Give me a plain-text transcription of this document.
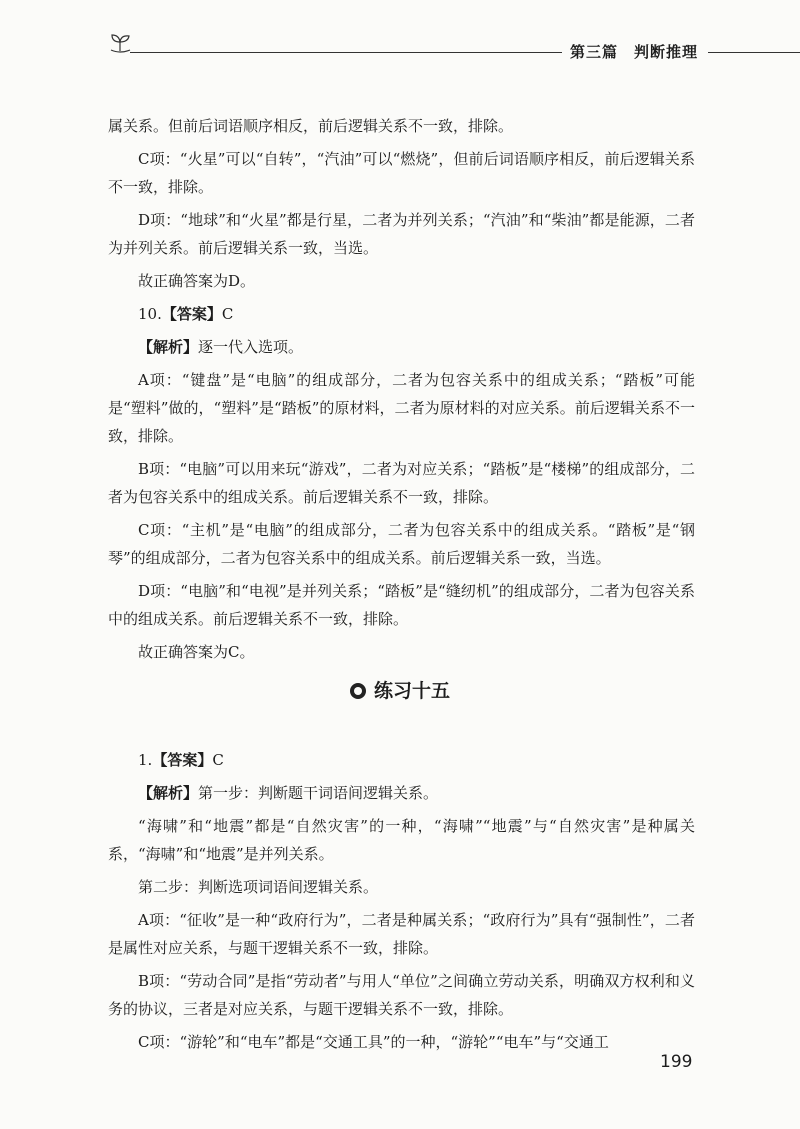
第三篇　判断推理

属关系。但前后词语顺序相反，前后逻辑关系不一致，排除。

C项：“火星”可以“自转”，“汽油”可以“燃烧”，但前后词语顺序相反，前后逻辑关系不一致，排除。

D项：“地球”和“火星”都是行星，二者为并列关系；“汽油”和“柴油”都是能源，二者为并列关系。前后逻辑关系一致，当选。

故正确答案为D。

10.【答案】C

【解析】逐一代入选项。

A项：“键盘”是“电脑”的组成部分，二者为包容关系中的组成关系；“踏板”可能是“塑料”做的，“塑料”是“踏板”的原材料，二者为原材料的对应关系。前后逻辑关系不一致，排除。

B项：“电脑”可以用来玩“游戏”，二者为对应关系；“踏板”是“楼梯”的组成部分，二者为包容关系中的组成关系。前后逻辑关系不一致，排除。

C项：“主机”是“电脑”的组成部分，二者为包容关系中的组成关系。“踏板”是“钢琴”的组成部分，二者为包容关系中的组成关系。前后逻辑关系一致，当选。

D项：“电脑”和“电视”是并列关系；“踏板”是“缝纫机”的组成部分，二者为包容关系中的组成关系。前后逻辑关系不一致，排除。

故正确答案为C。

练习十五

1.【答案】C

【解析】第一步：判断题干词语间逻辑关系。

“海啸”和“地震”都是“自然灾害”的一种，“海啸”“地震”与“自然灾害”是种属关系，“海啸”和“地震”是并列关系。

第二步：判断选项词语间逻辑关系。

A项：“征收”是一种“政府行为”，二者是种属关系；“政府行为”具有“强制性”，二者是属性对应关系，与题干逻辑关系不一致，排除。

B项：“劳动合同”是指“劳动者”与用人“单位”之间确立劳动关系，明确双方权利和义务的协议，三者是对应关系，与题干逻辑关系不一致，排除。

C项：“游轮”和“电车”都是“交通工具”的一种，“游轮”“电车”与“交通工

199
